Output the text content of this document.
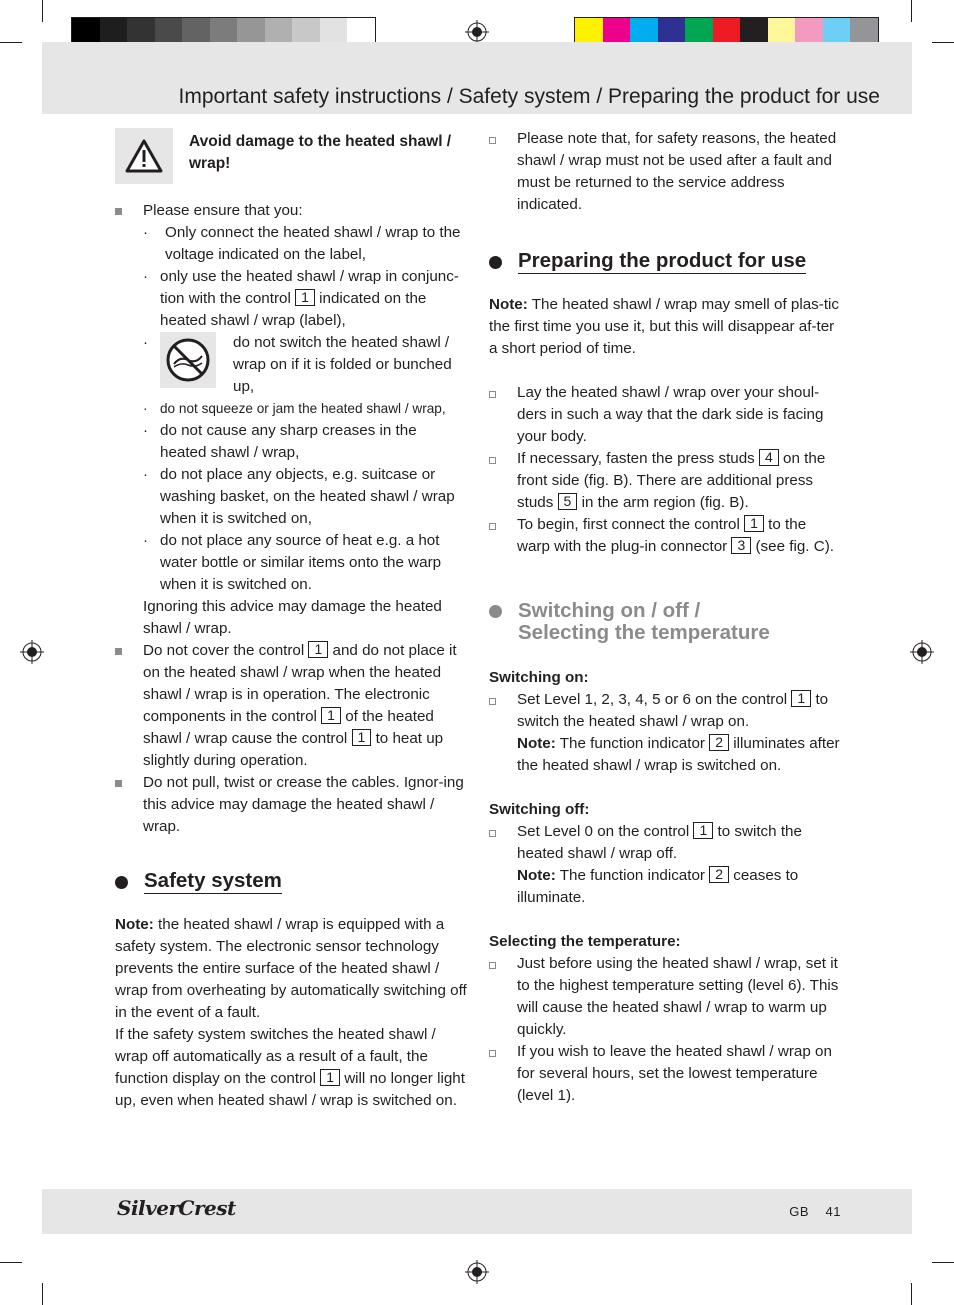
Important safety instructions / Safety system / Preparing the product for use
Avoid damage to the heated shawl / wrap!
Please ensure that you:
· Only connect the heated shawl / wrap to the voltage indicated on the label,
· only use the heated shawl / wrap in conjunc-tion with the control 1 indicated on the heated shawl / wrap (label),
·	do not switch the heated shawl / wrap on if it is folded or bunched up,
· do not squeeze or jam the heated shawl / wrap,
· do not cause any sharp creases in the heated shawl / wrap,
· do not place any objects, e.g. suitcase or washing basket, on the heated shawl / wrap when it is switched on,
· do not place any source of heat e.g. a hot water bottle or similar items onto the warp when it is switched on.
Ignoring this advice may damage the heated shawl / wrap.
Do not cover the control 1 and do not place it on the heated shawl / wrap when the heated shawl / wrap is in operation. The electronic components in the control 1 of the heated shawl / wrap cause the control 1 to heat up slightly during operation.
Do not pull, twist or crease the cables. Ignor-ing this advice may damage the heated shawl / wrap.
Safety system
Note: the heated shawl / wrap is equipped with a safety system. The electronic sensor technology prevents the entire surface of the heated shawl / wrap from overheating by automatically switching off in the event of a fault.
If the safety system switches the heated shawl / wrap off automatically as a result of a fault, the function display on the control 1 will no longer light up, even when heated shawl / wrap is switched on.
Please note that, for safety reasons, the heated shawl / wrap must not be used after a fault and must be returned to the service address indicated.
Preparing the product for use
Note: The heated shawl / wrap may smell of plas-tic the first time you use it, but this will disappear af-ter a short period of time.
Lay the heated shawl / wrap over your shoul-ders in such a way that the dark side is facing your body.
If necessary, fasten the press studs 4 on the front side (fig. B). There are additional press studs 5 in the arm region (fig. B).
To begin, first connect the control 1 to the warp with the plug-in connector 3 (see fig. C).
Switching on / off /
Selecting the temperature
Switching on:
Set Level 1, 2, 3, 4, 5 or 6 on the control 1 to switch the heated shawl / wrap on.
Note: The function indicator 2 illuminates after the heated shawl / wrap is switched on.
Switching off:
Set Level 0 on the control 1 to switch the heated shawl / wrap off.
Note: The function indicator 2 ceases to illuminate.
Selecting the temperature:
Just before using the heated shawl / wrap, set it to the highest temperature setting (level 6). This will cause the heated shawl / wrap to warm up quickly.
If you wish to leave the heated shawl / wrap on for several hours, set the lowest temperature (level 1).
SilverCrest	GB 41
